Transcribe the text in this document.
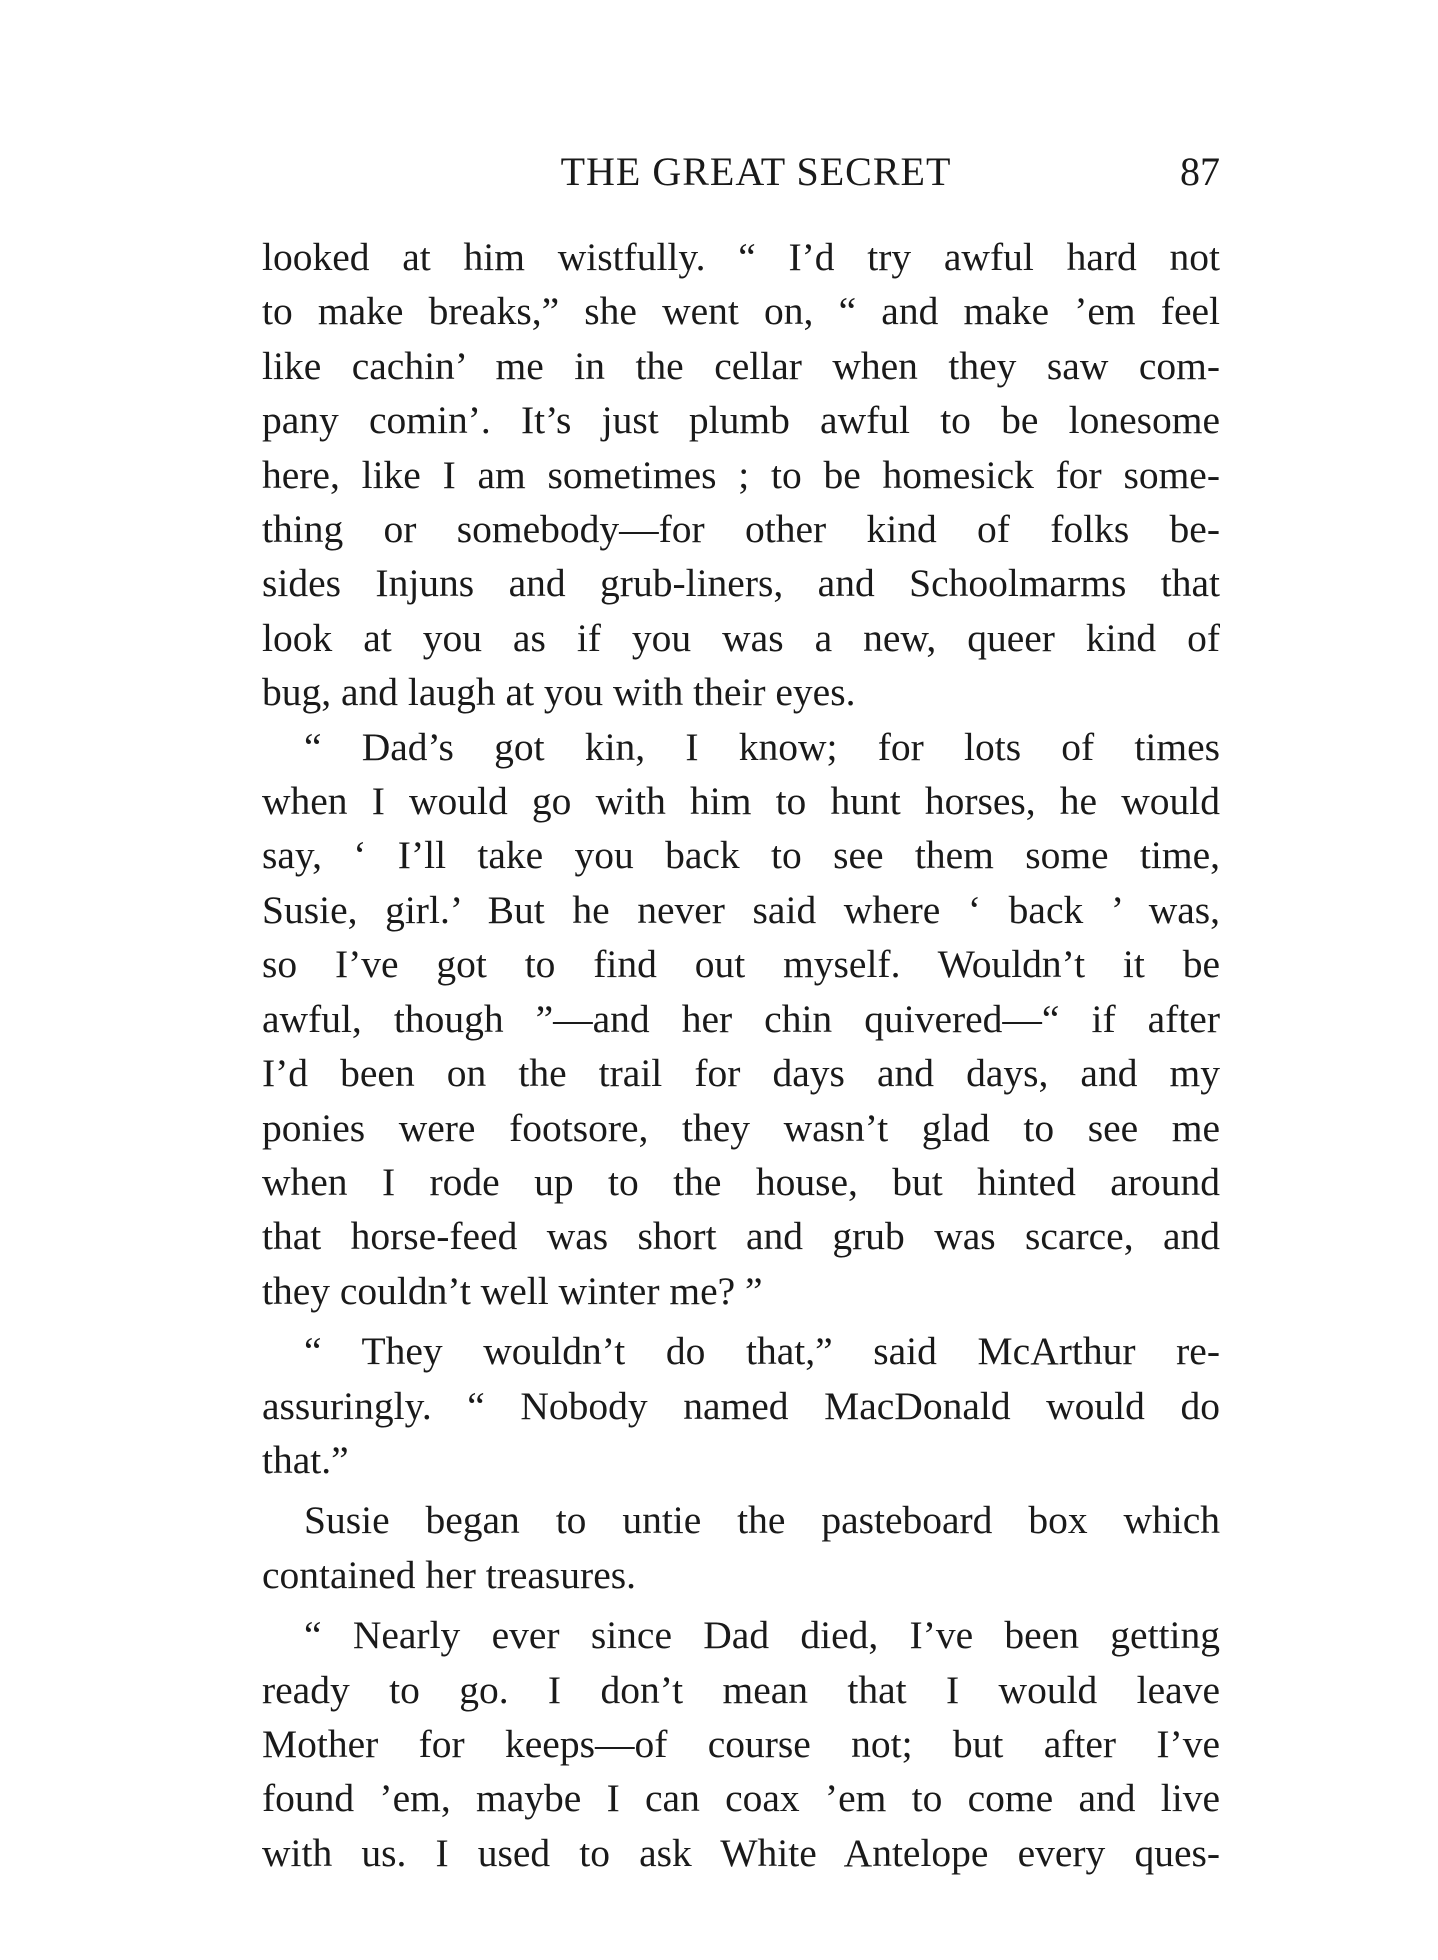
THE GREAT SECRET	87

looked at him wistfully. “ I’d try awful hard not
to make breaks,” she went on, “ and make ’em feel
like cachin’ me in the cellar when they saw com-
pany comin’. It’s just plumb awful to be lonesome
here, like I am sometimes ; to be homesick for some-
thing or somebody—for other kind of folks be-
sides Injuns and grub-liners, and Schoolmarms that
look at you as if you was a new, queer kind of
bug, and laugh at you with their eyes.

“ Dad’s got kin, I know; for lots of times
when I would go with him to hunt horses, he would
say, ‘ I’ll take you back to see them some time,
Susie, girl.’ But he never said where ‘ back ’ was,
so I’ve got to find out myself. Wouldn’t it be
awful, though ”—and her chin quivered—“ if after
I’d been on the trail for days and days, and my
ponies were footsore, they wasn’t glad to see me
when I rode up to the house, but hinted around
that horse-feed was short and grub was scarce, and
they couldn’t well winter me? ”

“ They wouldn’t do that,” said McArthur re-
assuringly. “ Nobody named MacDonald would do
that.”

Susie began to untie the pasteboard box which
contained her treasures.

“ Nearly ever since Dad died, I’ve been getting
ready to go. I don’t mean that I would leave
Mother for keeps—of course not; but after I’ve
found ’em, maybe I can coax ’em to come and live
with us. I used to ask White Antelope every ques-
